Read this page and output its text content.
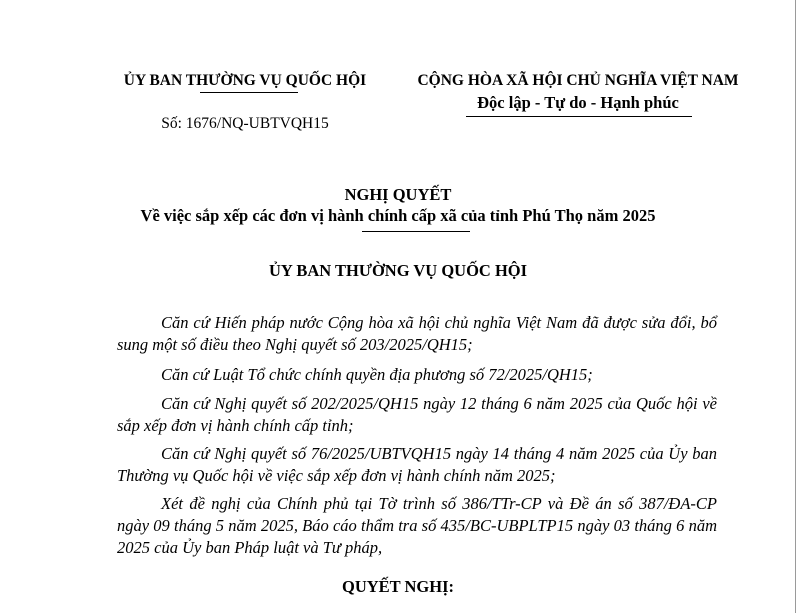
ỦY BAN THƯỜNG VỤ QUỐC HỘI
Số: 1676/NQ-UBTVQH15
CỘNG HÒA XÃ HỘI CHỦ NGHĨA VIỆT NAM
Độc lập - Tự do - Hạnh phúc
NGHỊ QUYẾT
Về việc sắp xếp các đơn vị hành chính cấp xã của tỉnh Phú Thọ năm 2025
ỦY BAN THƯỜNG VỤ QUỐC HỘI
Căn cứ Hiến pháp nước Cộng hòa xã hội chủ nghĩa Việt Nam đã được sửa đổi, bổ sung một số điều theo Nghị quyết số 203/2025/QH15;
Căn cứ Luật Tổ chức chính quyền địa phương số 72/2025/QH15;
Căn cứ Nghị quyết số 202/2025/QH15 ngày 12 tháng 6 năm 2025 của Quốc hội về sắp xếp đơn vị hành chính cấp tỉnh;
Căn cứ Nghị quyết số 76/2025/UBTVQH15 ngày 14 tháng 4 năm 2025 của Ủy ban Thường vụ Quốc hội về việc sắp xếp đơn vị hành chính năm 2025;
Xét đề nghị của Chính phủ tại Tờ trình số 386/TTr-CP và Đề án số 387/ĐA-CP ngày 09 tháng 5 năm 2025, Báo cáo thẩm tra số 435/BC-UBPLTP15 ngày 03 tháng 6 năm 2025 của Ủy ban Pháp luật và Tư pháp,
QUYẾT NGHỊ:
